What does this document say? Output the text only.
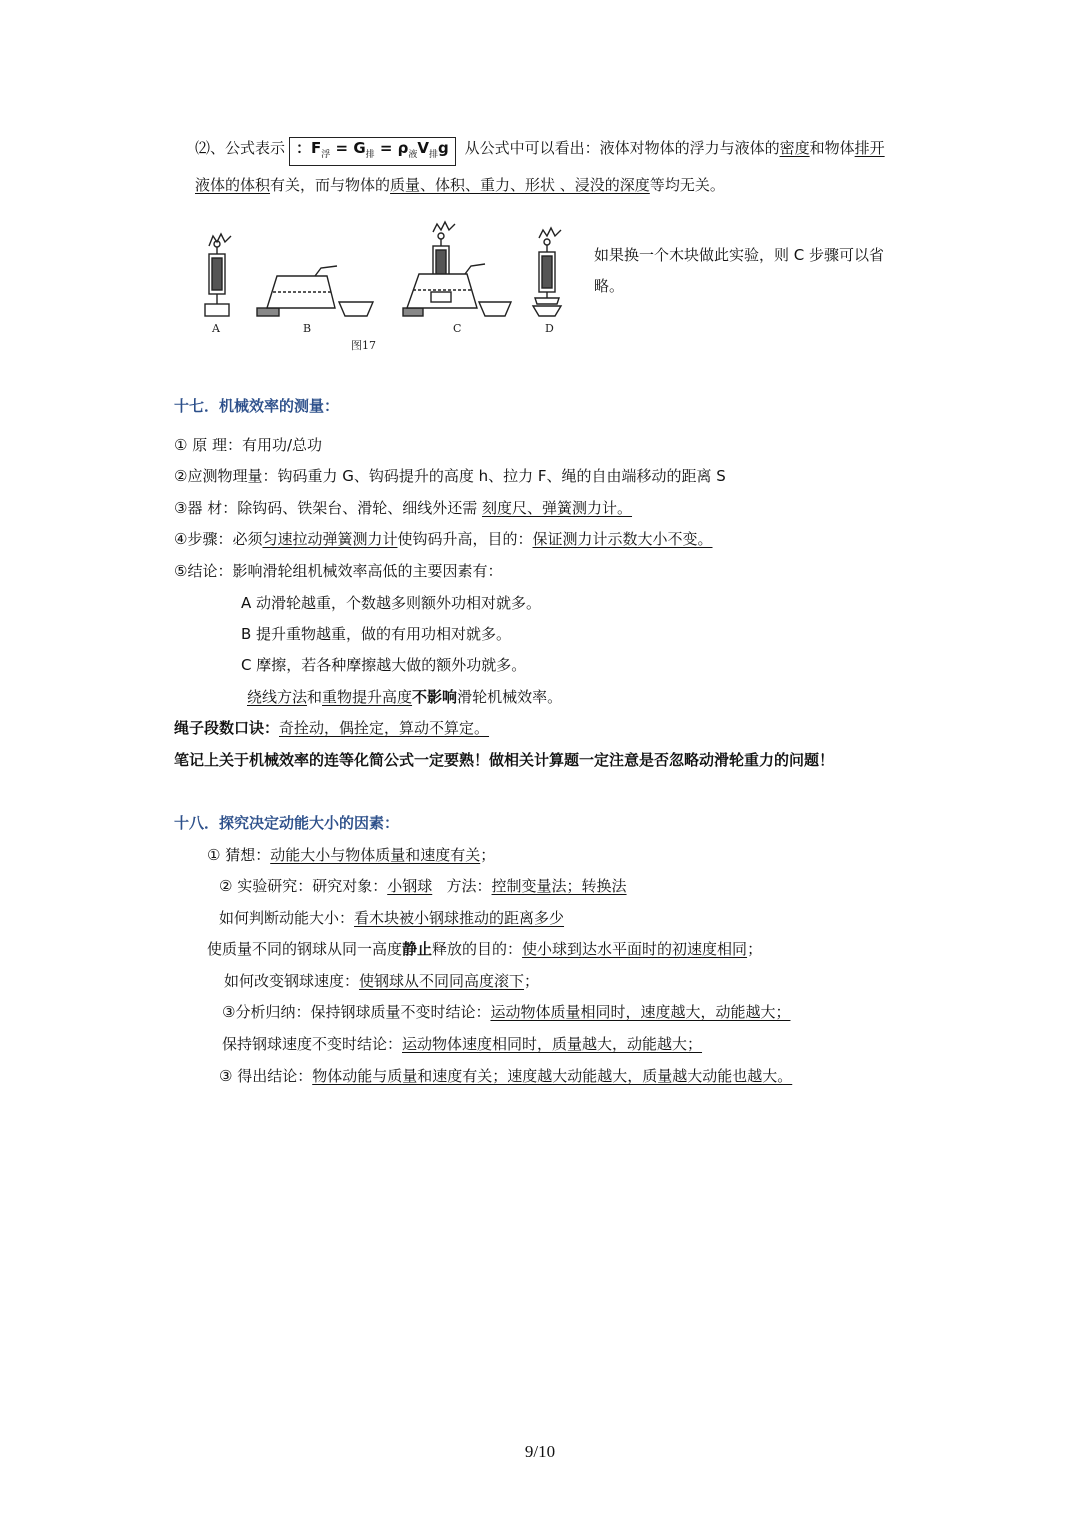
⑵、公式表示 ：$F_浮 = G_排 = \rho_液V_排g$ 从公式中可以看出：液体对物体的浮力与液体的密度和物体排开
液体的体积有关，而与物体的质量、体积、重力、形状 、浸没的深度等均无关。
A	B	C	D
图17
如果换一个木块做此实验，则 C 步骤可以省
略。
十七．机械效率的测量：
① 原 理：有用功/总功
②应测物理量：钩码重力 G、钩码提升的高度 h、拉力 F、绳的自由端移动的距离 S
③器 材：除钩码、铁架台、滑轮、细线外还需 刻度尺、弹簧测力计。
④步骤：必须匀速拉动弹簧测力计使钩码升高，目的：保证测力计示数大小不变。
⑤结论：影响滑轮组机械效率高低的主要因素有：
A 动滑轮越重，个数越多则额外功相对就多。
B 提升重物越重，做的有用功相对就多。
C 摩擦，若各种摩擦越大做的额外功就多。
绕线方法和重物提升高度不影响滑轮机械效率。
绳子段数口诀：奇拴动，偶拴定，算动不算定。
笔记上关于机械效率的连等化简公式一定要熟！做相关计算题一定注意是否忽略动滑轮重力的问题！
十八．探究决定动能大小的因素：
① 猜想：动能大小与物体质量和速度有关；
② 实验研究：研究对象：小钢球   方法：控制变量法；转换法
如何判断动能大小：看木块被小钢球推动的距离多少
使质量不同的钢球从同一高度静止释放的目的：使小球到达水平面时的初速度相同；
如何改变钢球速度：使钢球从不同同高度滚下；
③分析归纳：保持钢球质量不变时结论：运动物体质量相同时，速度越大，动能越大；
保持钢球速度不变时结论：运动物体速度相同时，质量越大，动能越大；
③ 得出结论：物体动能与质量和速度有关；速度越大动能越大，质量越大动能也越大。
9/10
